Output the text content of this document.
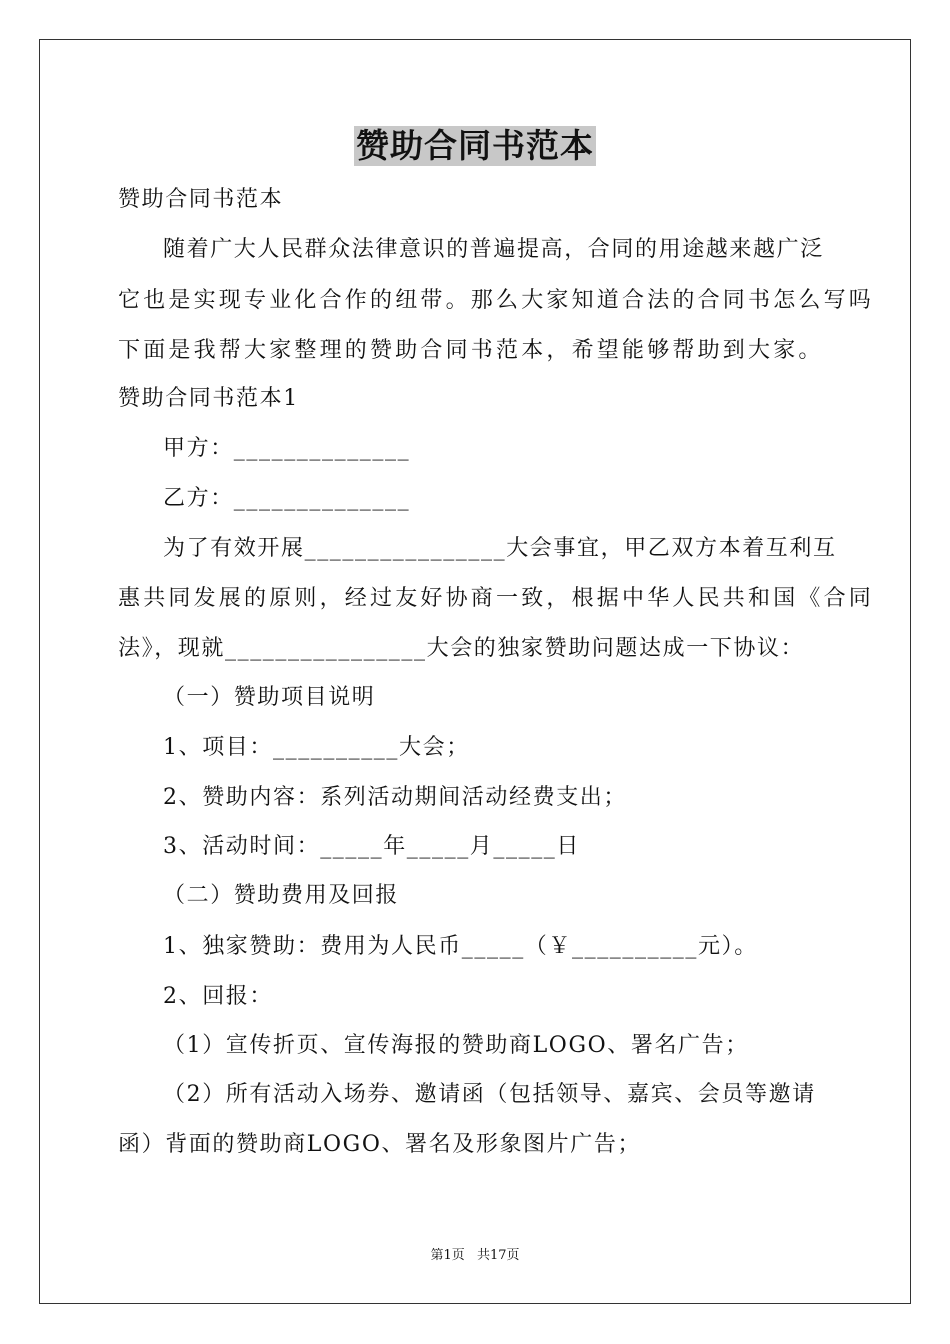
赞助合同书范本
赞助合同书范本
随着广大人民群众法律意识的普遍提高，合同的用途越来越广泛
它也是实现专业化合作的纽带。那么大家知道合法的合同书怎么写吗
下面是我帮大家整理的赞助合同书范本，希望能够帮助到大家。
赞助合同书范本1
甲方：______________
乙方：______________
为了有效开展________________大会事宜，甲乙双方本着互利互
惠共同发展的原则，经过友好协商一致，根据中华人民共和国《合同
法》，现就________________大会的独家赞助问题达成一下协议：
（一）赞助项目说明
1、项目：__________大会；
2、赞助内容：系列活动期间活动经费支出；
3、活动时间：_____年_____月_____日
（二）赞助费用及回报
1、独家赞助：费用为人民币_____（￥__________元）。
2、回报：
（1）宣传折页、宣传海报的赞助商LOGO、署名广告；
（2）所有活动入场券、邀请函（包括领导、嘉宾、会员等邀请
函）背面的赞助商LOGO、署名及形象图片广告；
第1页 共17页
